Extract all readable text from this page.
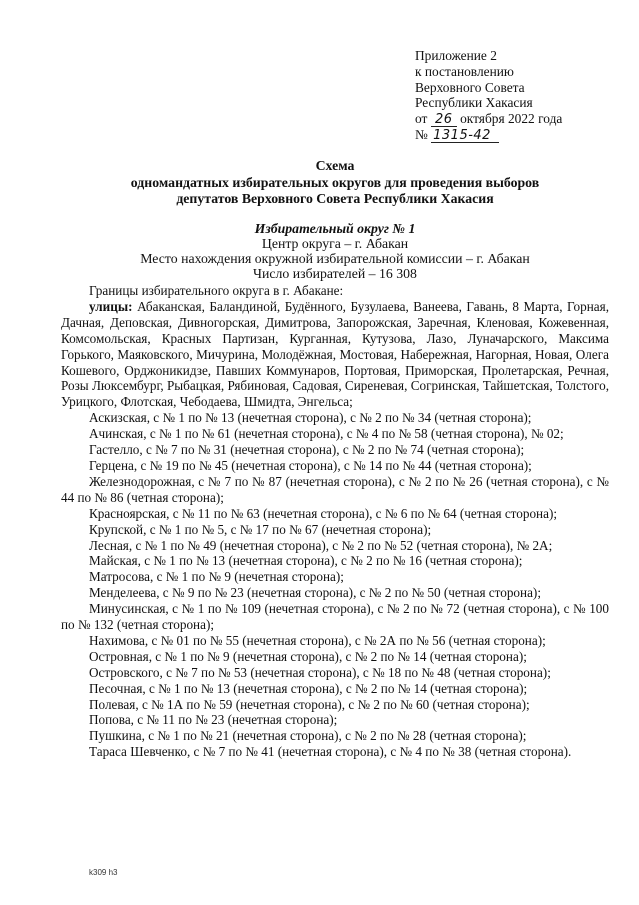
Приложение 2
к постановлению
Верховного Совета
Республики Хакасия
от 26 октября 2022 года
№ 1315-42
Схема
одномандатных избирательных округов для проведения выборов
депутатов Верховного Совета Республики Хакасия
Избирательный округ № 1
Центр округа – г. Абакан
Место нахождения окружной избирательной комиссии – г. Абакан
Число избирателей – 16 308
Границы избирательного округа в г. Абакане:
улицы: Абаканская, Баландиной, Будённого, Бузулаева, Ванеева, Гавань, 8 Марта, Горная, Дачная, Деповская, Дивногорская, Димитрова, Запорожская, Заречная, Кленовая, Кожевенная, Комсомольская, Красных Партизан, Курганная, Кутузова, Лазо, Луначарского, Максима Горького, Маяковского, Мичурина, Молодёжная, Мостовая, Набережная, Нагорная, Новая, Олега Кошевого, Орджоникидзе, Павших Коммунаров, Портовая, Приморская, Пролетарская, Речная, Розы Люксембург, Рыбацкая, Рябиновая, Садовая, Сиреневая, Согринская, Тайшетская, Толстого, Урицкого, Флотская, Чебодаева, Шмидта, Энгельса;
Аскизская, с № 1 по № 13 (нечетная сторона), с № 2 по № 34 (четная сторона);
Ачинская, с № 1 по № 61 (нечетная сторона), с № 4 по № 58 (четная сторона), № 02;
Гастелло, с № 7 по № 31 (нечетная сторона), с № 2 по № 74 (четная сторона);
Герцена, с № 19 по № 45 (нечетная сторона), с № 14 по № 44 (четная сторона);
Железнодорожная, с № 7 по № 87 (нечетная сторона), с № 2 по № 26 (четная сторона), с № 44 по № 86 (четная сторона);
Красноярская, с № 11 по № 63 (нечетная сторона), с № 6 по № 64 (четная сторона);
Крупской, с № 1 по № 5, с № 17 по № 67 (нечетная сторона);
Лесная, с № 1 по № 49 (нечетная сторона), с № 2 по № 52 (четная сторона), № 2А;
Майская, с № 1 по № 13 (нечетная сторона), с № 2 по № 16 (четная сторона);
Матросова, с № 1 по № 9 (нечетная сторона);
Менделеева, с № 9 по № 23 (нечетная сторона), с № 2 по № 50 (четная сторона);
Минусинская, с № 1 по № 109 (нечетная сторона), с № 2 по № 72 (четная сторона), с № 100 по № 132 (четная сторона);
Нахимова, с № 01 по № 55 (нечетная сторона), с № 2А по № 56 (четная сторона);
Островная, с № 1 по № 9 (нечетная сторона), с № 2 по № 14 (четная сторона);
Островского, с № 7 по № 53 (нечетная сторона), с № 18 по № 48 (четная сторона);
Песочная, с № 1 по № 13 (нечетная сторона), с № 2 по № 14 (четная сторона);
Полевая, с № 1А по № 59 (нечетная сторона), с № 2 по № 60 (четная сторона);
Попова, с № 11 по № 23 (нечетная сторона);
Пушкина, с № 1 по № 21 (нечетная сторона), с № 2 по № 28 (четная сторона);
Тараса Шевченко, с № 7 по № 41 (нечетная сторона), с № 4 по № 38 (четная сторона).
k309 h3
